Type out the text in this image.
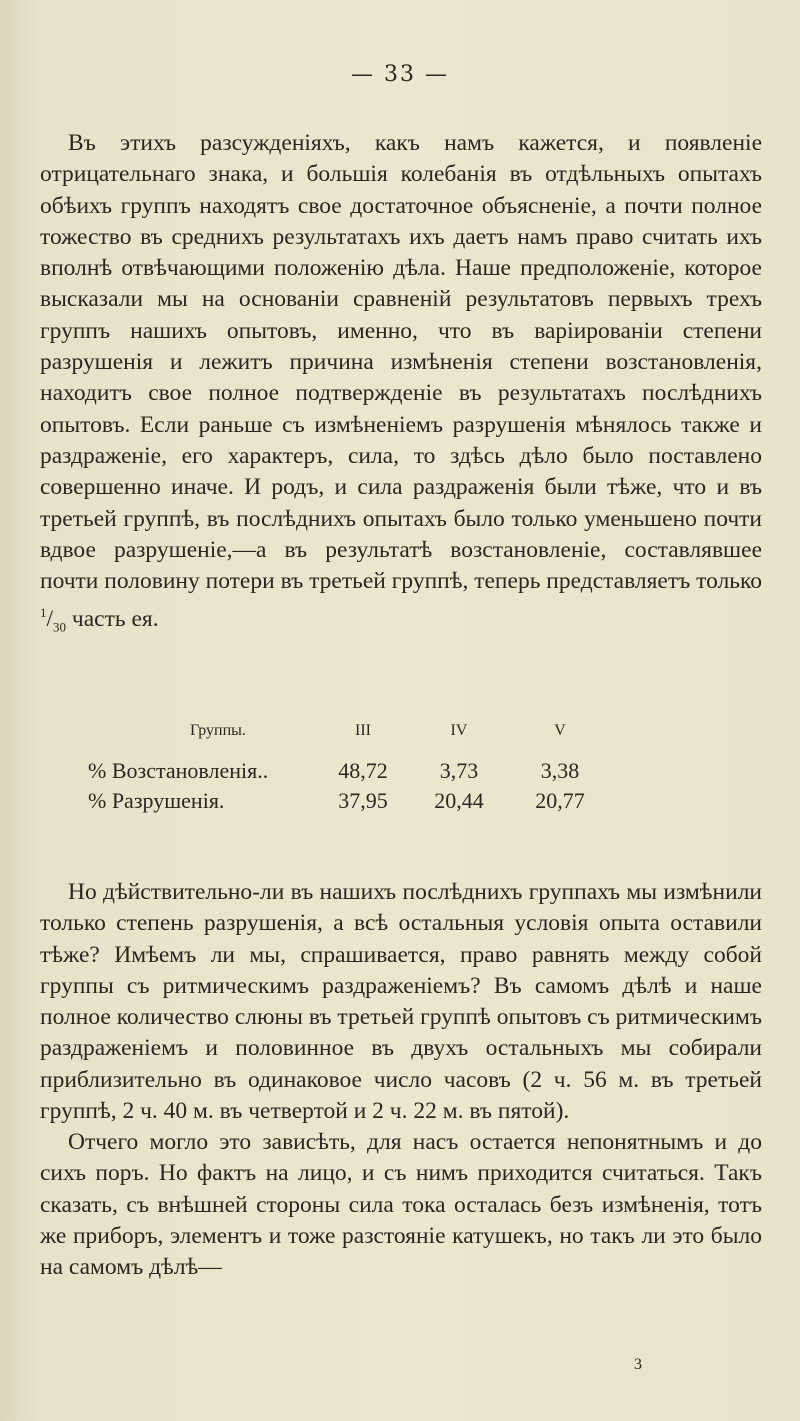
— 33 —

Въ этихъ разсужденіяхъ, какъ намъ кажется, и появленіе отрицательнаго знака, и большія колебанія въ отдѣльныхъ опытахъ обѣихъ группъ находятъ свое достаточное объясненіе, а почти полное тожество въ среднихъ результатахъ ихъ даетъ намъ право считать ихъ вполнѣ отвѣчающими положенію дѣла. Наше предположеніе, которое высказали мы на основаніи сравненій результатовъ первыхъ трехъ группъ нашихъ опытовъ, именно, что въ варіированіи степени разрушенія и лежитъ причина измѣненія степени возстановленія, находитъ свое полное подтвержденіе въ результатахъ послѣднихъ опытовъ. Если раньше съ измѣненіемъ разрушенія мѣнялось также и раздраженіе, его характеръ, сила, то здѣсь дѣло было поставлено совершенно иначе. И родъ, и сила раздраженія были тѣже, что и въ третьей группѣ, въ послѣднихъ опытахъ было только уменьшено почти вдвое разрушеніе,—а въ результатѣ возстановленіе, составлявшее почти половину потери въ третьей группѣ, теперь представляетъ только $^1/_{30}$ часть ея.

Группы.	III	IV	V
% Возстановленія..	48,72	3,73	3,38
% Разрушенія.	37,95	20,44	20,77

Но дѣйствительно-ли въ нашихъ послѣднихъ группахъ мы измѣнили только степень разрушенія, а всѣ остальныя условія опыта оставили тѣже? Имѣемъ ли мы, спрашивается, право равнять между собой группы съ ритмическимъ раздраженіемъ? Въ самомъ дѣлѣ и наше полное количество слюны въ третьей группѣ опытовъ съ ритмическимъ раздраженіемъ и половинное въ двухъ остальныхъ мы собирали приблизительно въ одинаковое число часовъ (2 ч. 56 м. въ третьей группѣ, 2 ч. 40 м. въ четвертой и 2 ч. 22 м. въ пятой).

Отчего могло это зависѣть, для насъ остается непонятнымъ и до сихъ поръ. Но фактъ на лицо, и съ нимъ приходится считаться. Такъ сказать, съ внѣшней стороны сила тока осталась безъ измѣненія, тотъ же приборъ, элементъ и тоже разстояніе катушекъ, но такъ ли это было на самомъ дѣлѣ—

3
